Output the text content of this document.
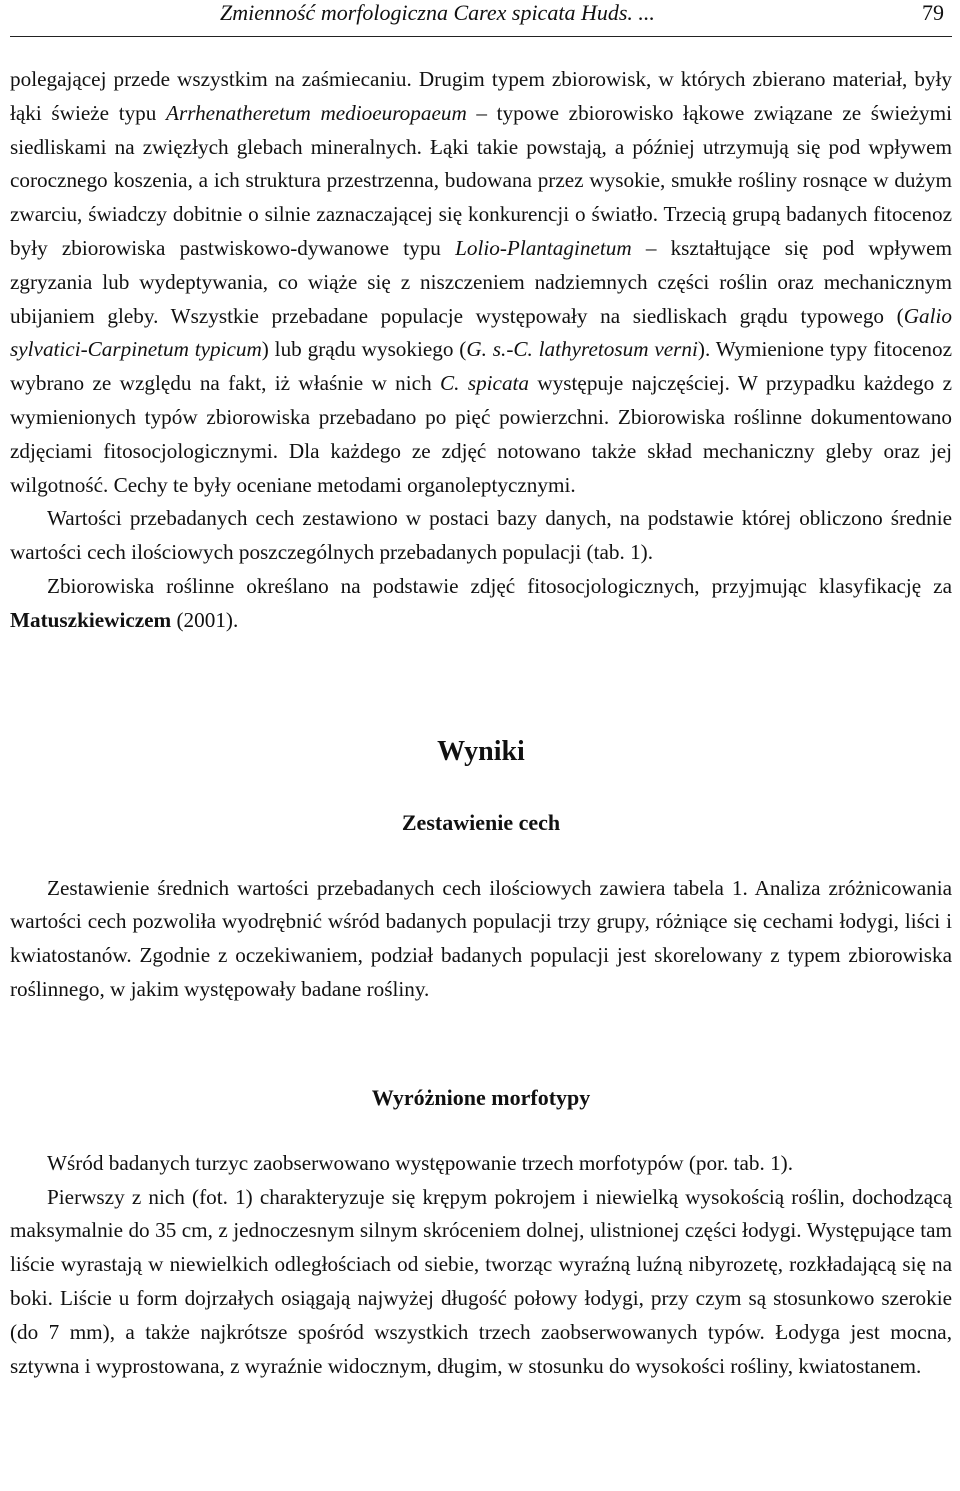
Zmienność morfologiczna Carex spicata Huds. ...	79

polegającej przede wszystkim na zaśmiecaniu. Drugim typem zbiorowisk, w których zbierano materiał, były łąki świeże typu Arrhenatheretum medioeuropaeum – typowe zbiorowisko łąkowe związane ze świeżymi siedliskami na zwięzłych glebach mineralnych. Łąki takie powstają, a później utrzymują się pod wpływem corocznego koszenia, a ich struktura przestrzenna, budowana przez wysokie, smukłe rośliny rosnące w dużym zwarciu, świadczy dobitnie o silnie zaznaczającej się konkurencji o światło. Trzecią grupą badanych fitocenoz były zbiorowiska pastwiskowo-dywanowe typu Lolio-Plantaginetum – kształtujące się pod wpływem zgryzania lub wydeptywania, co wiąże się z niszczeniem nadziemnych części roślin oraz mechanicznym ubijaniem gleby. Wszystkie przebadane populacje występowały na siedliskach grądu typowego (Galio sylvatici-Carpinetum typicum) lub grądu wysokiego (G. s.-C. lathyretosum verni). Wymienione typy fitocenoz wybrano ze względu na fakt, iż właśnie w nich C. spicata występuje najczęściej. W przypadku każdego z wymienionych typów zbiorowiska przebadano po pięć powierzchni. Zbiorowiska roślinne dokumentowano zdjęciami fitosocjologicznymi. Dla każdego ze zdjęć notowano także skład mechaniczny gleby oraz jej wilgotność. Cechy te były oceniane metodami organoleptycznymi.

Wartości przebadanych cech zestawiono w postaci bazy danych, na podstawie której obliczono średnie wartości cech ilościowych poszczególnych przebadanych populacji (tab. 1).

Zbiorowiska roślinne określano na podstawie zdjęć fitosocjologicznych, przyjmując klasyfikację za Matuszkiewiczem (2001).

Wyniki
Zestawienie cech

Zestawienie średnich wartości przebadanych cech ilościowych zawiera tabela 1. Analiza zróżnicowania wartości cech pozwoliła wyodrębnić wśród badanych populacji trzy grupy, różniące się cechami łodygi, liści i kwiatostanów. Zgodnie z oczekiwaniem, podział badanych populacji jest skorelowany z typem zbiorowiska roślinnego, w jakim występowały badane rośliny.

Wyróżnione morfotypy

Wśród badanych turzyc zaobserwowano występowanie trzech morfotypów (por. tab. 1).

Pierwszy z nich (fot. 1) charakteryzuje się krępym pokrojem i niewielką wysokością roślin, dochodzącą maksymalnie do 35 cm, z jednoczesnym silnym skróceniem dolnej, ulistnionej części łodygi. Występujące tam liście wyrastają w niewielkich odległościach od siebie, tworząc wyraźną luźną nibyrozetę, rozkładającą się na boki. Liście u form dojrzałych osiągają najwyżej długość połowy łodygi, przy czym są stosunkowo szerokie (do 7 mm), a także najkrótsze spośród wszystkich trzech zaobserwowanych typów. Łodyga jest mocna, sztywna i wyprostowana, z wyraźnie widocznym, długim, w stosunku do wysokości rośliny, kwiatostanem.
